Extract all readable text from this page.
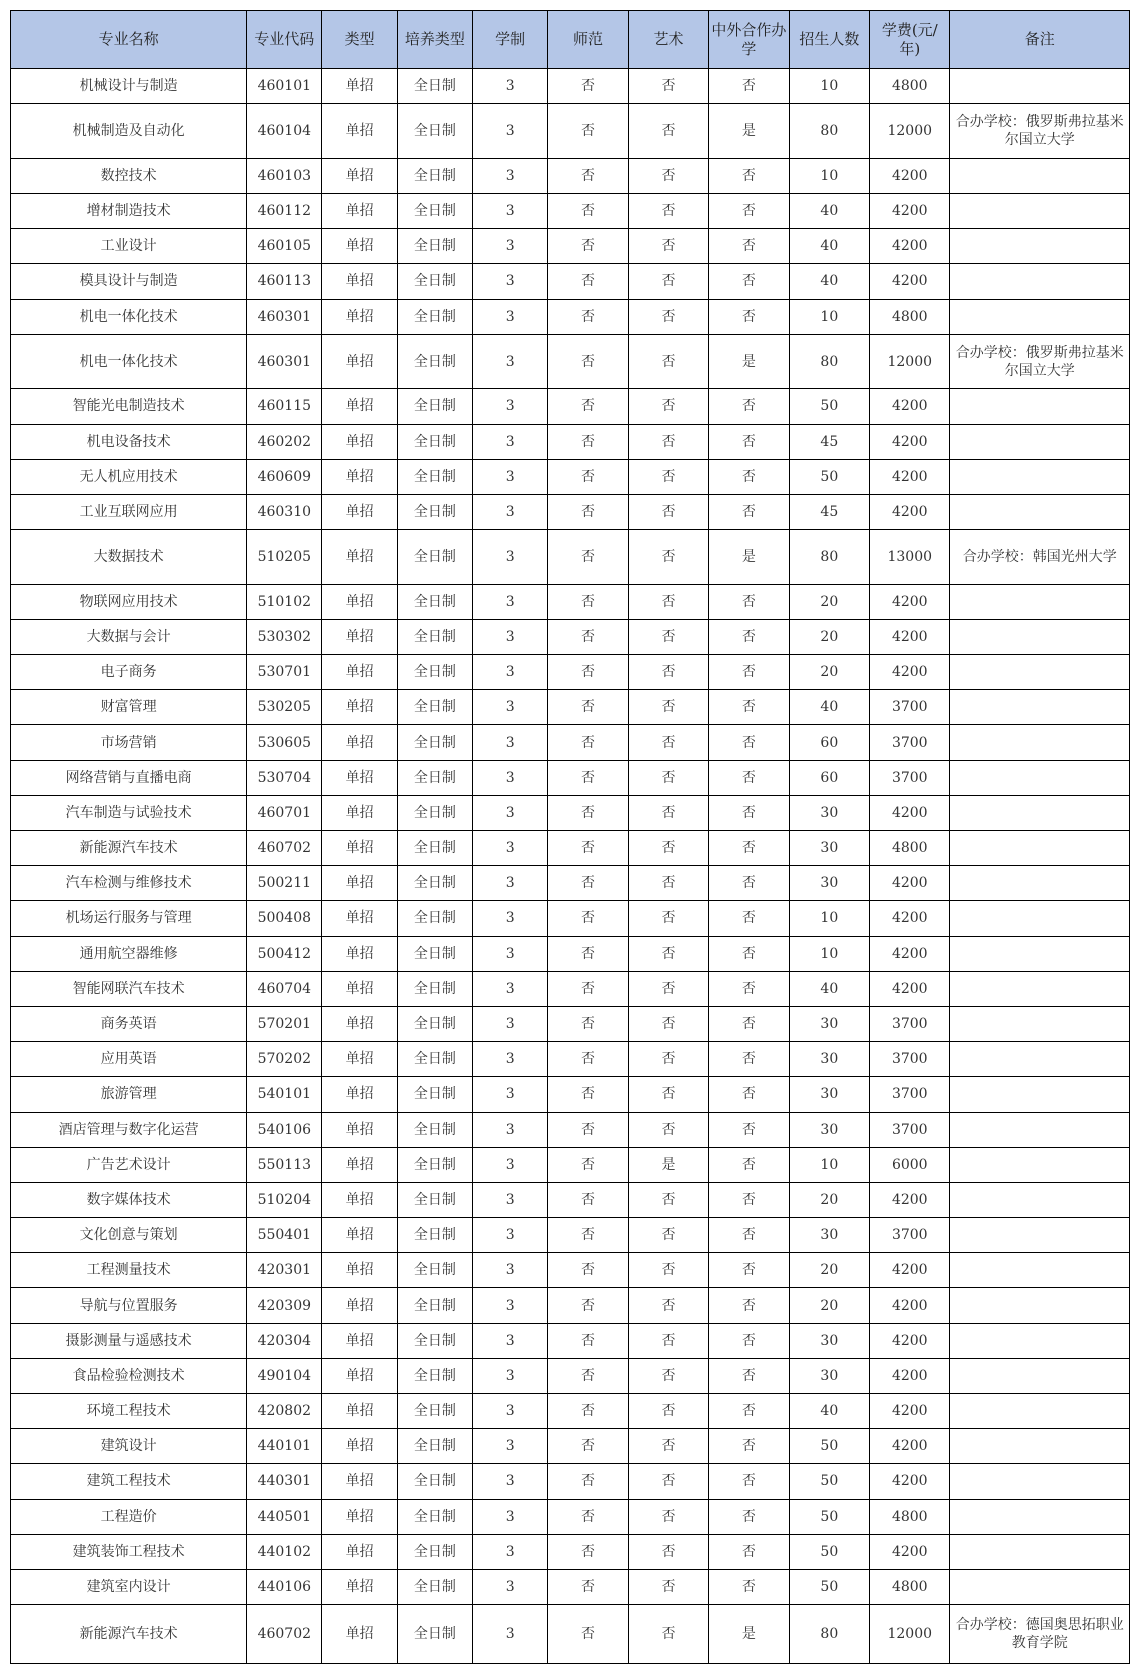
专业名称	专业代码	类型	培养类型	学制	师范	艺术	中外合作办学	招生人数	学费(元/年)	备注
机械设计与制造	460101	单招	全日制	3	否	否	否	10	4800	
机械制造及自动化	460104	单招	全日制	3	否	否	是	80	12000	合办学校：俄罗斯弗拉基米尔国立大学
数控技术	460103	单招	全日制	3	否	否	否	10	4200	
增材制造技术	460112	单招	全日制	3	否	否	否	40	4200	
工业设计	460105	单招	全日制	3	否	否	否	40	4200	
模具设计与制造	460113	单招	全日制	3	否	否	否	40	4200	
机电一体化技术	460301	单招	全日制	3	否	否	否	10	4800	
机电一体化技术	460301	单招	全日制	3	否	否	是	80	12000	合办学校：俄罗斯弗拉基米尔国立大学
智能光电制造技术	460115	单招	全日制	3	否	否	否	50	4200	
机电设备技术	460202	单招	全日制	3	否	否	否	45	4200	
无人机应用技术	460609	单招	全日制	3	否	否	否	50	4200	
工业互联网应用	460310	单招	全日制	3	否	否	否	45	4200	
大数据技术	510205	单招	全日制	3	否	否	是	80	13000	合办学校：韩国光州大学
物联网应用技术	510102	单招	全日制	3	否	否	否	20	4200	
大数据与会计	530302	单招	全日制	3	否	否	否	20	4200	
电子商务	530701	单招	全日制	3	否	否	否	20	4200	
财富管理	530205	单招	全日制	3	否	否	否	40	3700	
市场营销	530605	单招	全日制	3	否	否	否	60	3700	
网络营销与直播电商	530704	单招	全日制	3	否	否	否	60	3700	
汽车制造与试验技术	460701	单招	全日制	3	否	否	否	30	4200	
新能源汽车技术	460702	单招	全日制	3	否	否	否	30	4800	
汽车检测与维修技术	500211	单招	全日制	3	否	否	否	30	4200	
机场运行服务与管理	500408	单招	全日制	3	否	否	否	10	4200	
通用航空器维修	500412	单招	全日制	3	否	否	否	10	4200	
智能网联汽车技术	460704	单招	全日制	3	否	否	否	40	4200	
商务英语	570201	单招	全日制	3	否	否	否	30	3700	
应用英语	570202	单招	全日制	3	否	否	否	30	3700	
旅游管理	540101	单招	全日制	3	否	否	否	30	3700	
酒店管理与数字化运营	540106	单招	全日制	3	否	否	否	30	3700	
广告艺术设计	550113	单招	全日制	3	否	是	否	10	6000	
数字媒体技术	510204	单招	全日制	3	否	否	否	20	4200	
文化创意与策划	550401	单招	全日制	3	否	否	否	30	3700	
工程测量技术	420301	单招	全日制	3	否	否	否	20	4200	
导航与位置服务	420309	单招	全日制	3	否	否	否	20	4200	
摄影测量与遥感技术	420304	单招	全日制	3	否	否	否	30	4200	
食品检验检测技术	490104	单招	全日制	3	否	否	否	30	4200	
环境工程技术	420802	单招	全日制	3	否	否	否	40	4200	
建筑设计	440101	单招	全日制	3	否	否	否	50	4200	
建筑工程技术	440301	单招	全日制	3	否	否	否	50	4200	
工程造价	440501	单招	全日制	3	否	否	否	50	4800	
建筑装饰工程技术	440102	单招	全日制	3	否	否	否	50	4200	
建筑室内设计	440106	单招	全日制	3	否	否	否	50	4800	
新能源汽车技术	460702	单招	全日制	3	否	否	是	80	12000	合办学校：德国奥思拓职业教育学院
